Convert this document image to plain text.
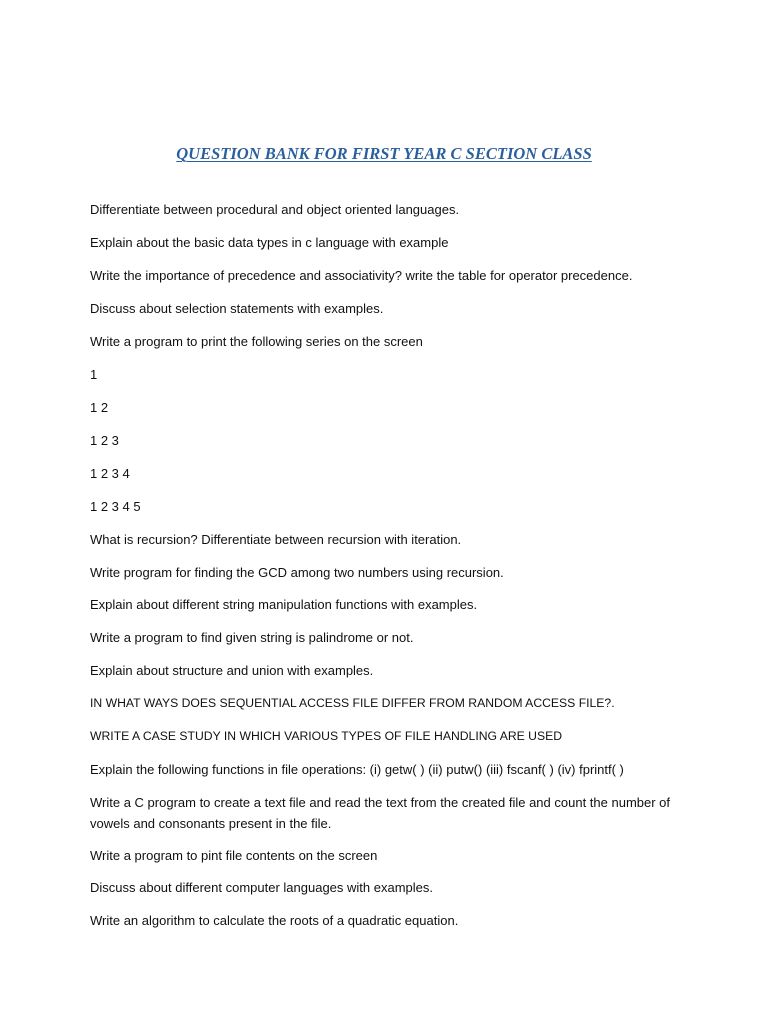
QUESTION BANK FOR FIRST YEAR C SECTION CLASS
Differentiate between procedural and object oriented languages.
Explain about the basic data types in c language with example
Write the importance of precedence and associativity? write the table for operator precedence.
Discuss about selection statements with examples.
Write a program to print the following series on the screen
1
1 2
1 2 3
1 2 3 4
1 2 3 4 5
What is recursion? Differentiate between recursion with iteration.
Write program for finding the GCD among two numbers using recursion.
Explain about different string manipulation functions with examples.
Write a program to find given string is palindrome or not.
Explain about structure and union with examples.
IN WHAT WAYS DOES SEQUENTIAL ACCESS FILE DIFFER FROM RANDOM ACCESS FILE?.
WRITE A CASE STUDY IN WHICH VARIOUS TYPES OF FILE HANDLING ARE USED
Explain the following functions in file operations: (i) getw( ) (ii) putw() (iii) fscanf( ) (iv) fprintf( )
Write a C program to create a text file and read the text from the created file and count the number of vowels and consonants present in the file.
Write a program to pint file contents on the screen
Discuss about different computer languages with examples.
Write an algorithm to calculate the roots of a quadratic equation.
